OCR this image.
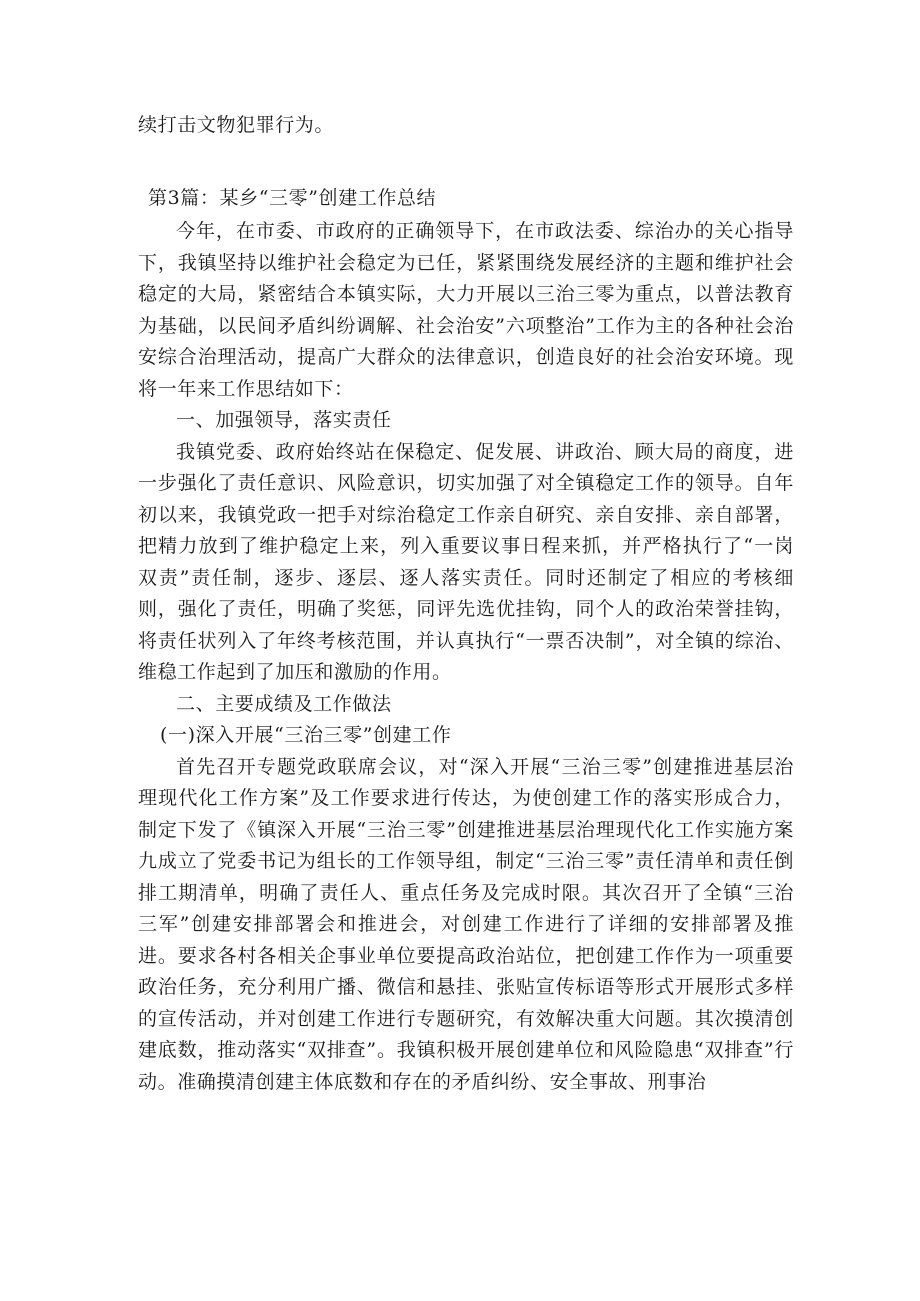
续打击文物犯罪行为。

第3篇：某乡“三零”创建工作总结

今年，在市委、市政府的正确领导下，在市政法委、综治办的关心指导下，我镇坚持以维护社会稳定为已任，紧紧围绕发展经济的主题和维护社会稳定的大局，紧密结合本镇实际，大力开展以三治三零为重点，以普法教育为基础，以民间矛盾纠纷调解、社会治安”六项整治”工作为主的各种社会治安综合治理活动，提高广大群众的法律意识，创造良好的社会治安环境。现将一年来工作思结如下：

一、加强领导，落实责任

我镇党委、政府始终站在保稳定、促发展、讲政治、顾大局的商度，进一步强化了责任意识、风险意识，切实加强了对全镇稳定工作的领导。自年初以来，我镇党政一把手对综治稳定工作亲自研究、亲自安排、亲自部署，把精力放到了维护稳定上来，列入重要议事日程来抓，并严格执行了“一岗双责”责任制，逐步、逐层、逐人落实责任。同时还制定了相应的考核细则，强化了责任，明确了奖惩，同评先选优挂钩，同个人的政治荣誉挂钩，将责任状列入了年终考核范围，并认真执行“一票否决制”，对全镇的综治、维稳工作起到了加压和激励的作用。

二、主要成绩及工作做法

(一)深入开展“三治三零”创建工作

首先召开专题党政联席会议，对“深入开展“三治三零”创建推进基层治理现代化工作方案”及工作要求进行传达，为使创建工作的落实形成合力，制定下发了《镇深入开展“三治三零”创建推进基层治理现代化工作实施方案九成立了党委书记为组长的工作领导组，制定“三治三零”责任清单和责任倒排工期清单，明确了责任人、重点任务及完成时限。其次召开了全镇“三治三军”创建安排部署会和推进会，对创建工作进行了详细的安排部署及推进。要求各村各相关企事业单位要提高政治站位，把创建工作作为一项重要政治任务，充分利用广播、微信和悬挂、张贴宣传标语等形式开展形式多样的宣传活动，并对创建工作进行专题研究，有效解决重大问题。其次摸清创建底数，推动落实“双排查”。我镇积极开展创建单位和风险隐患“双排查”行动。准确摸清创建主体底数和存在的矛盾纠纷、安全事故、刑事治
